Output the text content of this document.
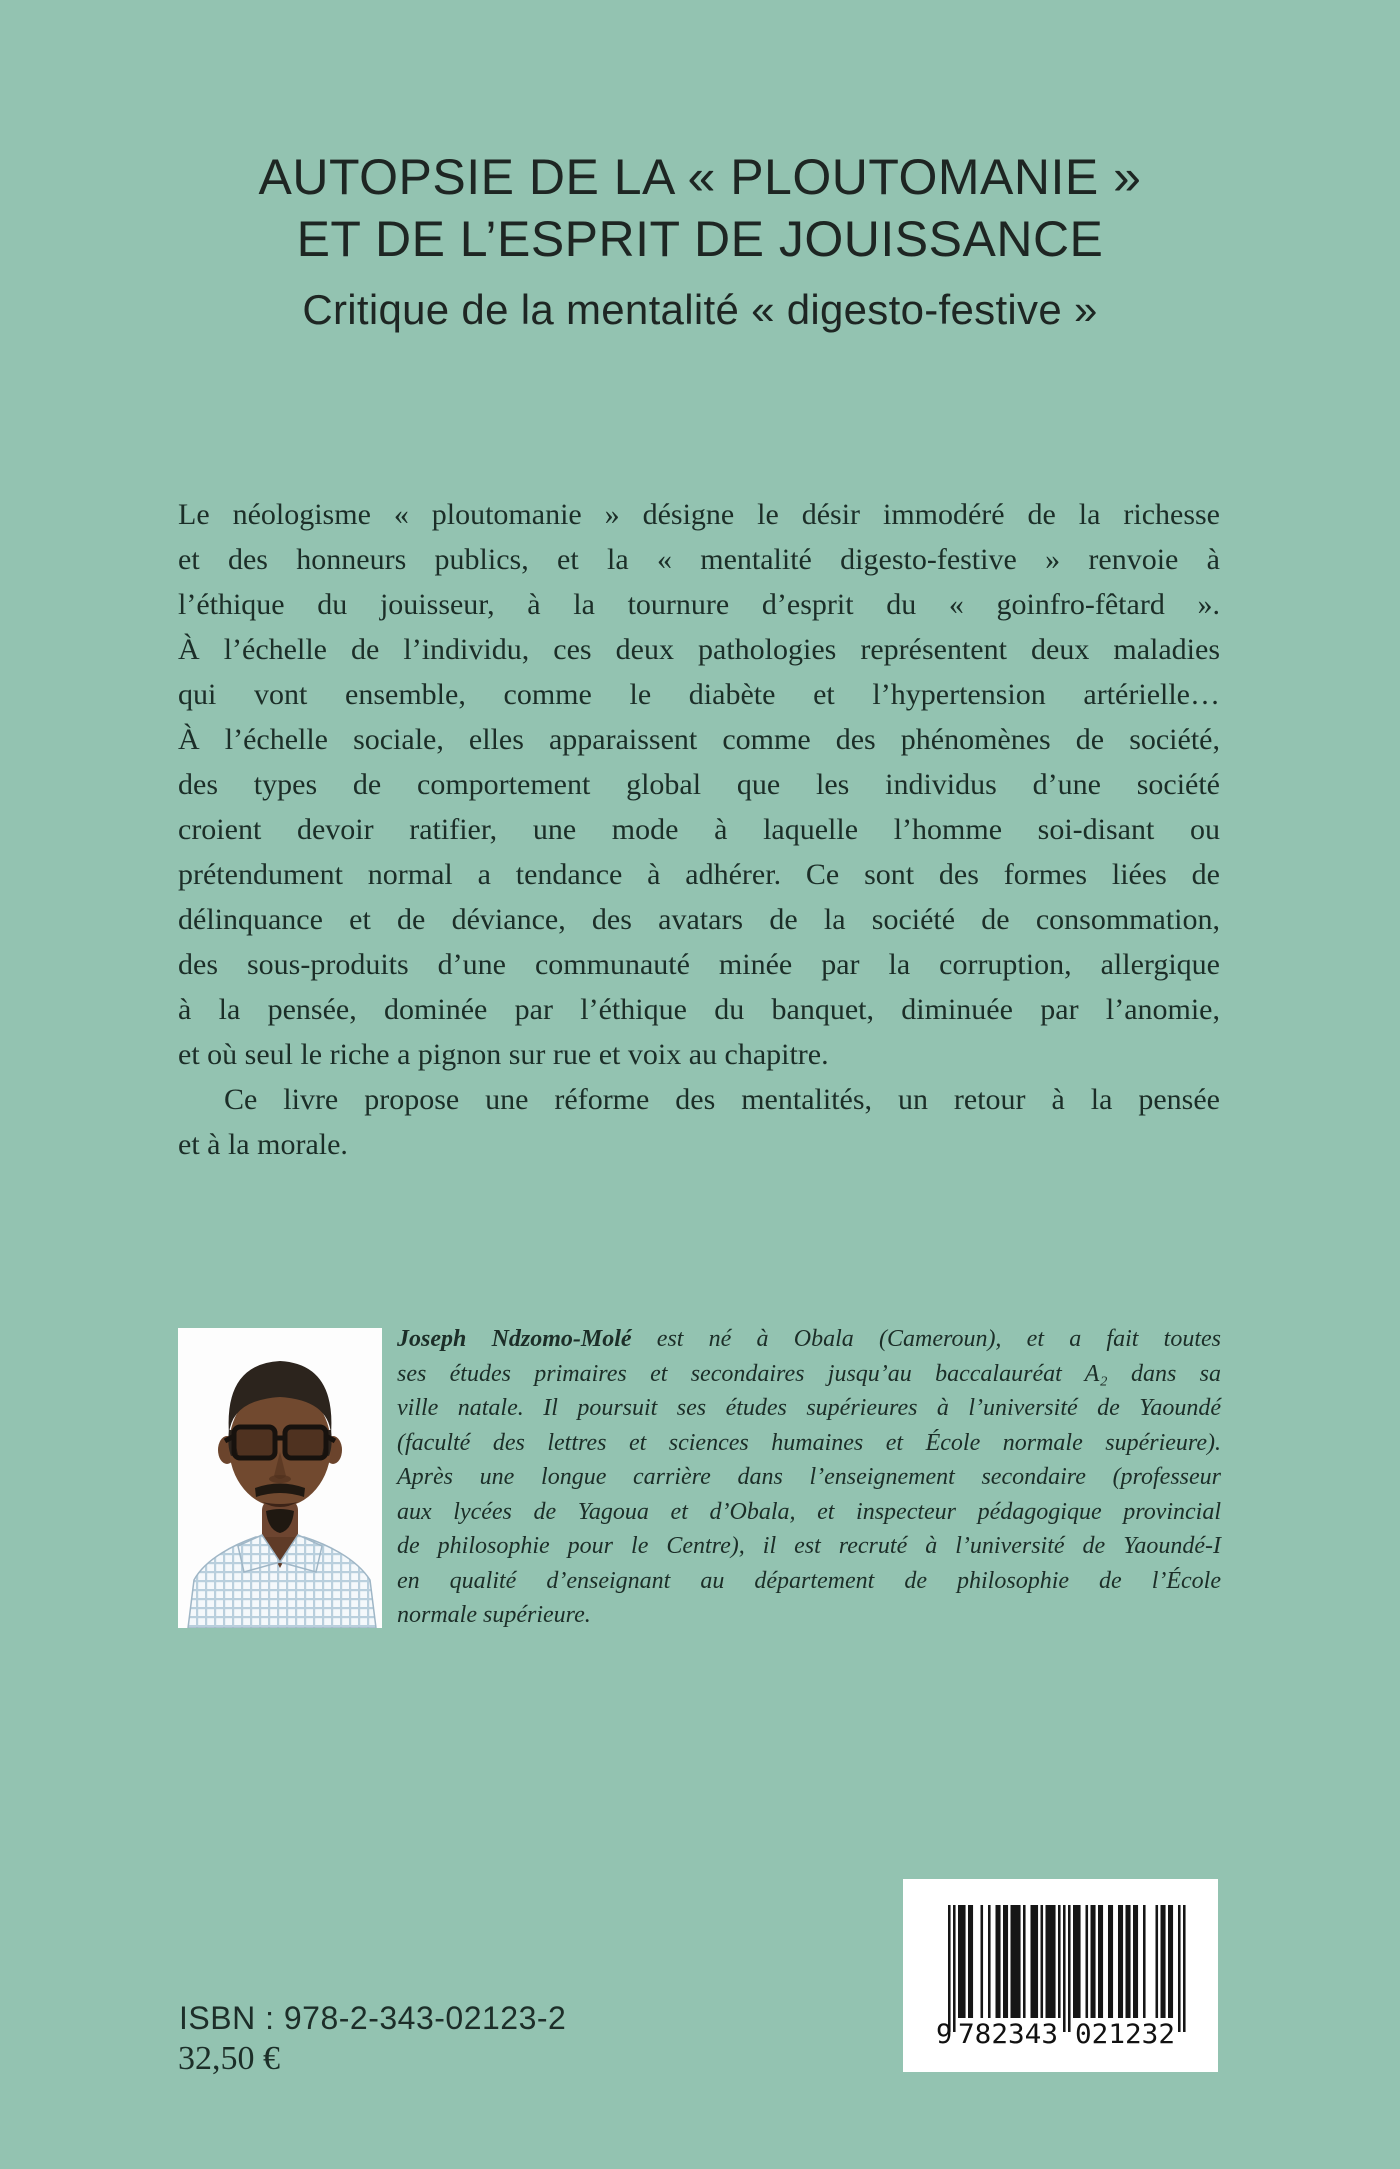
AUTOPSIE DE LA « PLOUTOMANIE »
ET DE L’ESPRIT DE JOUISSANCE
Critique de la mentalité « digesto-festive »
Le néologisme « ploutomanie » désigne le désir immodéré de la richesse
et des honneurs publics, et la « mentalité digesto-festive » renvoie à
l’éthique du jouisseur, à la tournure d’esprit du « goinfro-fêtard ».
À l’échelle de l’individu, ces deux pathologies représentent deux maladies
qui vont ensemble, comme le diabète et l’hypertension artérielle…
À l’échelle sociale, elles apparaissent comme des phénomènes de société,
des types de comportement global que les individus d’une société
croient devoir ratifier, une mode à laquelle l’homme soi-disant ou
prétendument normal a tendance à adhérer. Ce sont des formes liées de
délinquance et de déviance, des avatars de la société de consommation,
des sous-produits d’une communauté minée par la corruption, allergique
à la pensée, dominée par l’éthique du banquet, diminuée par l’anomie,
et où seul le riche a pignon sur rue et voix au chapitre.
Ce livre propose une réforme des mentalités, un retour à la pensée
et à la morale.
Joseph Ndzomo-Molé est né à Obala (Cameroun), et a fait toutes
ses études primaires et secondaires jusqu’au baccalauréat A₂ dans sa
ville natale. Il poursuit ses études supérieures à l’université de Yaoundé
(faculté des lettres et sciences humaines et École normale supérieure).
Après une longue carrière dans l’enseignement secondaire (professeur
aux lycées de Yagoua et d’Obala, et inspecteur pédagogique provincial
de philosophie pour le Centre), il est recruté à l’université de Yaoundé-I
en qualité d’enseignant au département de philosophie de l’École
normale supérieure.
ISBN : 978-2-343-02123-2
32,50 €
9 782343 021232
